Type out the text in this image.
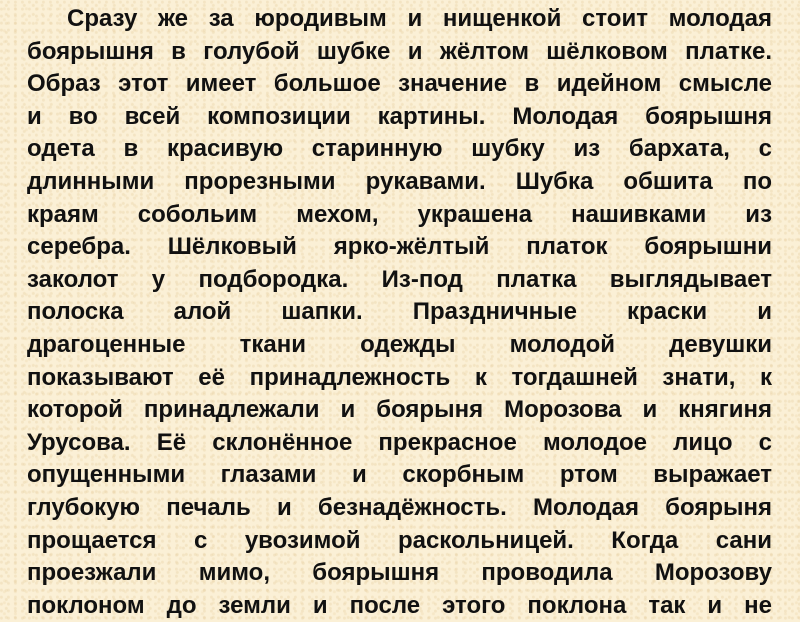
Сразу же за юродивым и нищенкой стоит молодая
боярышня в голубой шубке и жёлтом шёлковом платке.
Образ этот имеет большое значение в идейном смысле
и во всей композиции картины. Молодая боярышня
одета в красивую старинную шубку из бархата, с
длинными прорезными рукавами. Шубка обшита по
краям собольим мехом, украшена нашивками из
серебра. Шёлковый ярко-жёлтый платок боярышни
заколот у подбородка. Из-под платка выглядывает
полоска алой шапки. Праздничные краски и
драгоценные ткани одежды молодой девушки
показывают её принадлежность к тогдашней знати, к
которой принадлежали и боярыня Морозова и княгиня
Урусова. Её склонённое прекрасное молодое лицо с
опущенными глазами и скорбным ртом выражает
глубокую печаль и безнадёжность. Молодая боярыня
прощается с увозимой раскольницей. Когда сани
проезжали мимо, боярышня проводила Морозову
поклоном до земли и после этого поклона так и не
